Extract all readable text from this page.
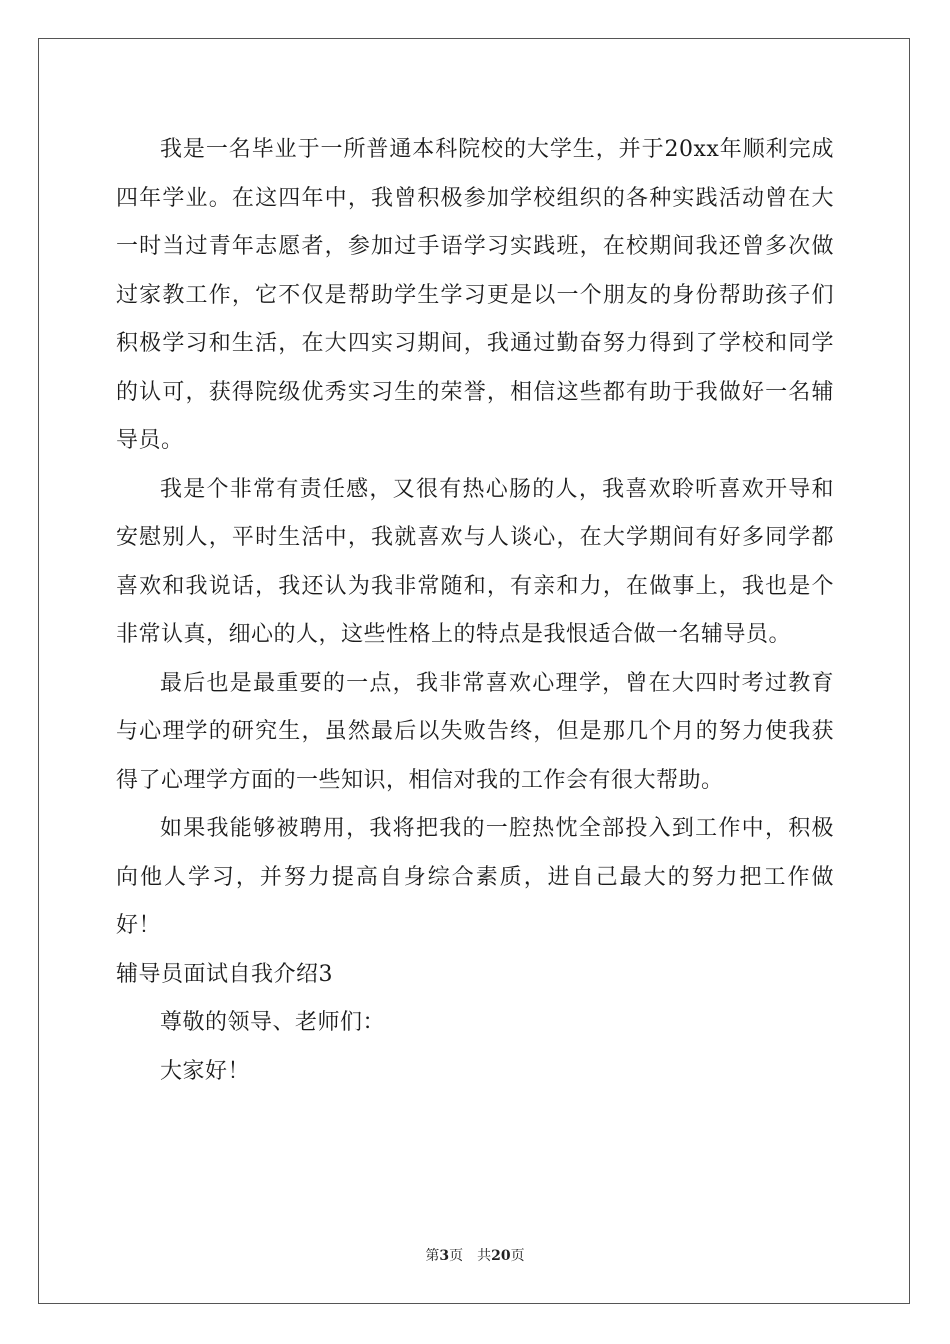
我是一名毕业于一所普通本科院校的大学生，并于20xx年顺利完成四年学业。在这四年中，我曾积极参加学校组织的各种实践活动曾在大一时当过青年志愿者，参加过手语学习实践班，在校期间我还曾多次做过家教工作，它不仅是帮助学生学习更是以一个朋友的身份帮助孩子们积极学习和生活，在大四实习期间，我通过勤奋努力得到了学校和同学的认可，获得院级优秀实习生的荣誉，相信这些都有助于我做好一名辅导员。

我是个非常有责任感，又很有热心肠的人，我喜欢聆听喜欢开导和安慰别人，平时生活中，我就喜欢与人谈心，在大学期间有好多同学都喜欢和我说话，我还认为我非常随和，有亲和力，在做事上，我也是个非常认真，细心的人，这些性格上的特点是我恨适合做一名辅导员。

最后也是最重要的一点，我非常喜欢心理学，曾在大四时考过教育与心理学的研究生，虽然最后以失败告终，但是那几个月的努力使我获得了心理学方面的一些知识，相信对我的工作会有很大帮助。

如果我能够被聘用，我将把我的一腔热忱全部投入到工作中，积极向他人学习，并努力提高自身综合素质，进自己最大的努力把工作做好！

辅导员面试自我介绍3

尊敬的领导、老师们：

大家好！

第3页 共20页
